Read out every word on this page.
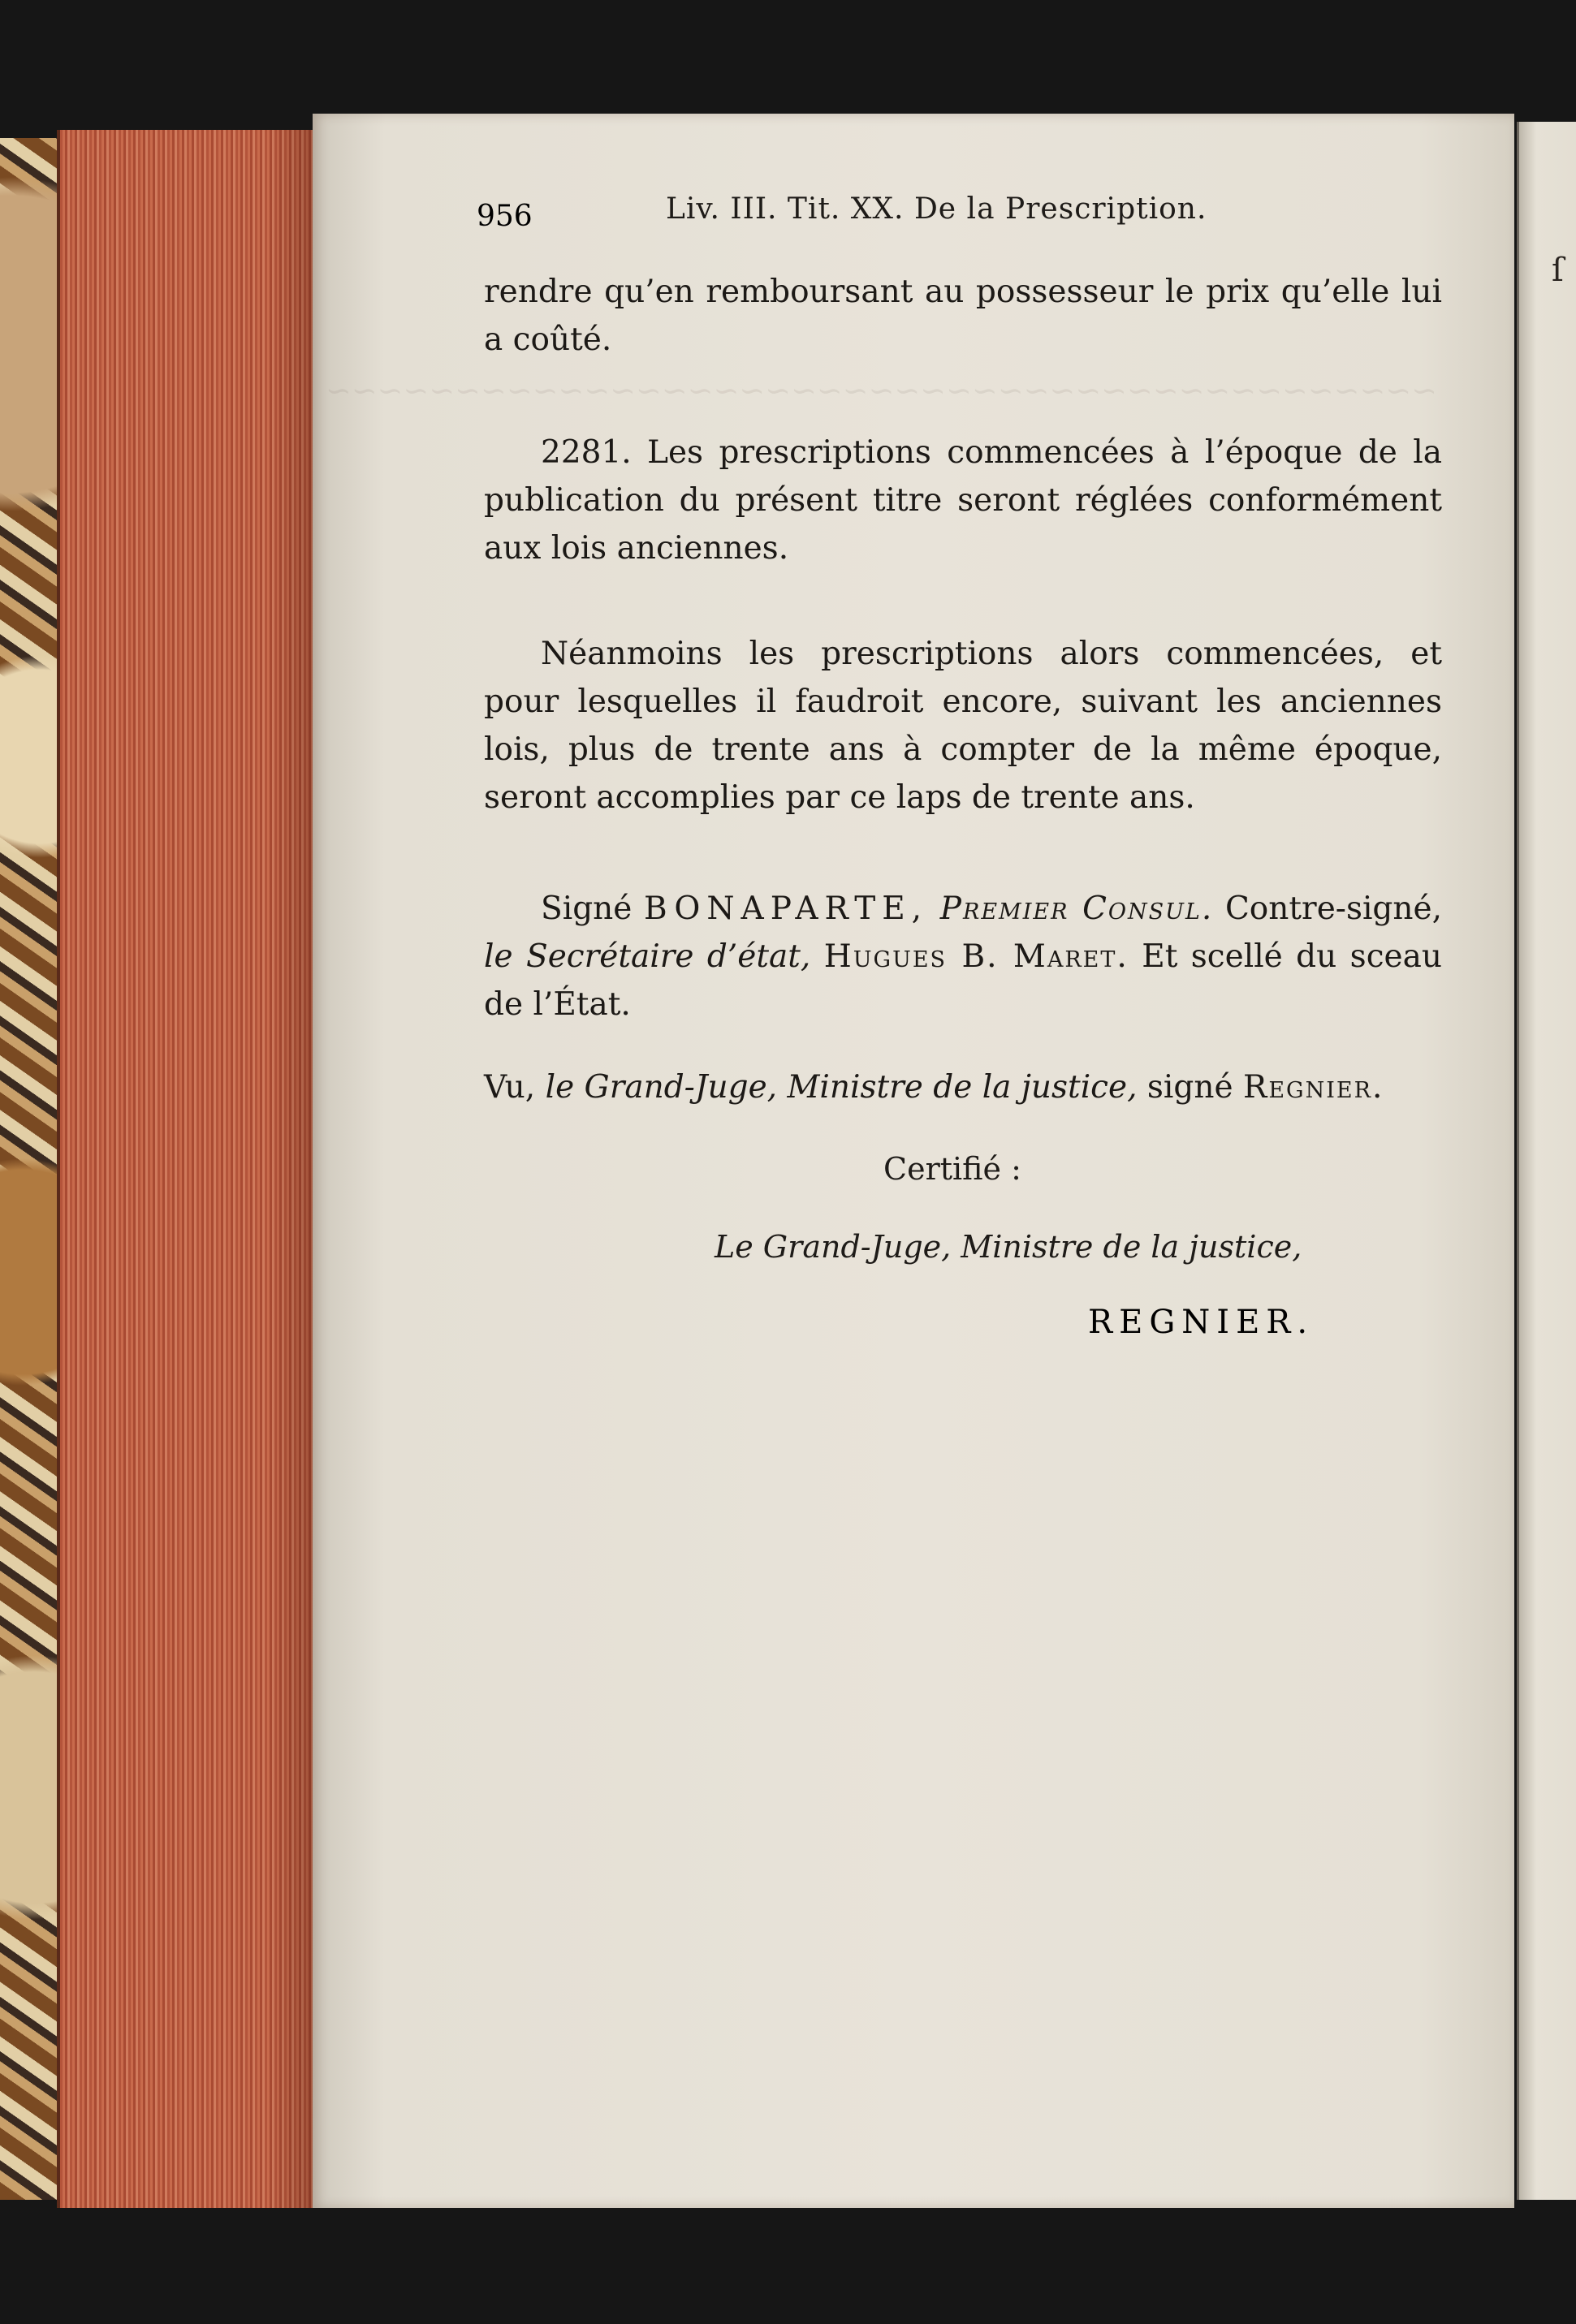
ſ
~~~~~~~~~~~~~~~~~~~~~~~~~~~~~~~~~~~~~~~~~~~
956	Liv. III. Tit. XX. De la Prescription.
rendre qu’en remboursant au possesseur le prix qu’elle lui a coûté.
2281. Les prescriptions commencées à l’époque de la publication du présent titre seront réglées conformément aux lois anciennes.
Néanmoins les prescriptions alors commencées, et pour lesquelles il faudroit encore, suivant les anciennes lois, plus de trente ans à compter de la même époque, seront accomplies par ce laps de trente ans.
Signé BONAPARTE, Premier Consul. Contre-signé, le Secrétaire d’état, Hugues B. Maret. Et scellé du sceau de l’État.
Vu, le Grand-Juge, Ministre de la justice, signé Regnier.
Certifié :
Le Grand-Juge, Ministre de la justice,
REGNIER.
